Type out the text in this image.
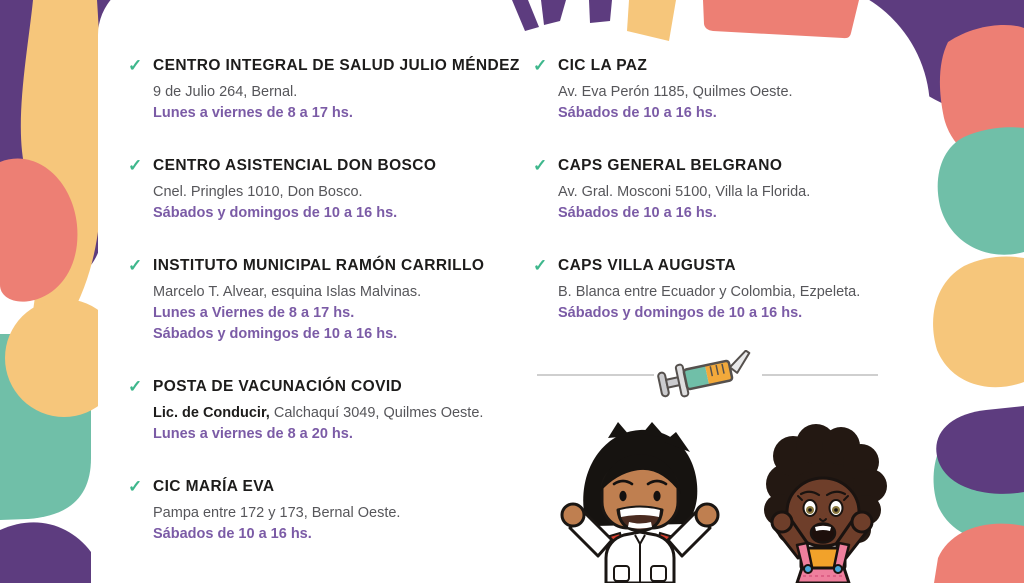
✓ CENTRO INTEGRAL DE SALUD JULIO MÉNDEZ
9 de Julio 264, Bernal.
Lunes a viernes de 8 a 17 hs.
✓ CENTRO ASISTENCIAL DON BOSCO
Cnel. Pringles 1010, Don Bosco.
Sábados y domingos de 10 a 16 hs.
✓ INSTITUTO MUNICIPAL RAMÓN CARRILLO
Marcelo T. Alvear, esquina Islas Malvinas.
Lunes a Viernes de 8 a 17 hs.
Sábados y domingos de 10 a 16 hs.
✓ POSTA DE VACUNACIÓN COVID
Lic. de Conducir, Calchaquí 3049, Quilmes Oeste.
Lunes a viernes de 8 a 20 hs.
✓ CIC MARÍA EVA
Pampa entre 172 y 173, Bernal Oeste.
Sábados de 10 a 16 hs.
✓ CIC LA PAZ
Av. Eva Perón 1185, Quilmes Oeste.
Sábados de 10 a 16 hs.
✓ CAPS GENERAL BELGRANO
Av. Gral. Mosconi 5100, Villa la Florida.
Sábados de 10 a 16 hs.
✓ CAPS VILLA AUGUSTA
B. Blanca entre Ecuador y Colombia, Ezpeleta.
Sábados y domingos de 10 a 16 hs.
